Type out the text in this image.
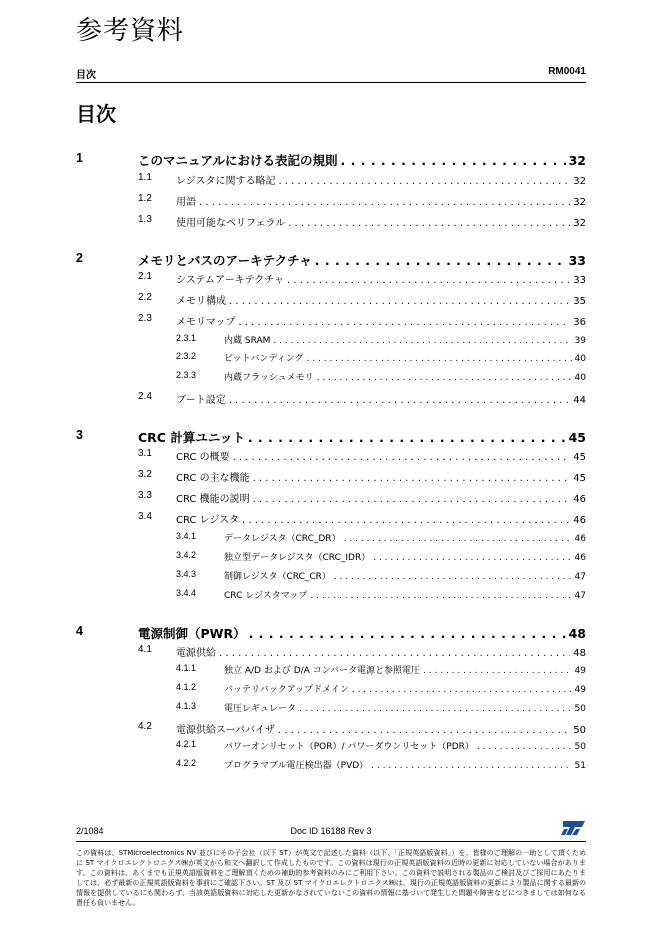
参考資料
目次	RM0041
目次
1	このマニュアルにおける表記の規則 . . .	32
1.1 レジスタに関する略記 . . .	32
1.2 用語 . . .	32
1.3 使用可能なペリフェラル . . .	32
2	メモリとバスのアーキテクチャ . . .	33
2.1 システムアーキテクチャ . . .	33
2.2 メモリ構成 . . .	35
2.3 メモリマップ . . .	36
2.3.1	内蔵 SRAM . . .	39
2.3.2	ビットバンディング . . .	40
2.3.3	内蔵フラッシュメモリ . . .	40
2.4 ブート設定 . . .	44
3	CRC 計算ユニット . . .	45
3.1 CRC の概要 . . .	45
3.2 CRC の主な機能 . . .	45
3.3 CRC 機能の説明 . . .	46
3.4 CRC レジスタ . . .	46
3.4.1	データレジスタ（CRC_DR） . . .	46
3.4.2	独立型データレジスタ（CRC_IDR） . . .	46
3.4.3	制御レジスタ（CRC_CR） . . .	47
3.4.4	CRC レジスタマップ . . .	47
4	電源制御（PWR） . . .	48
4.1 電源供給 . . .	48
4.1.1	独立 A/D および D/A コンバータ電源と参照電圧 . . .	49
4.1.2	バッテリバックアップドメイン . . .	49
4.1.3	電圧レギュレータ . . .	50
4.2 電源供給スーパバイザ . . .	50
4.2.1	パワーオンリセット（POR）/ パワーダウンリセット（PDR） . . .	50
4.2.2	プログラマブル電圧検出器（PVD） . . .	51
2/1084	Doc ID 16188 Rev 3
この資料は、STMicroelectronics NV 並びにその子会社（以下 ST）が英文で記述した資料（以下、「正規英語版資料」）を、皆様のご理解の一助として頂くために ST マイクロエレクトロニクス㈱が英文から和文へ翻訳して作成したものです。この資料は現行の正規英語版資料の近時の更新に対応していない場合があります。この資料は、あくまでも正規英語版資料をご理解頂くための補助的参考資料のみにご利用下さい。この資料で説明される製品のご検討及びご採用にあたりましては、必ず最新の正規英語版資料を事前にご確認下さい。ST 及び ST マイクロエレクトロニクス㈱は、現行の正規英語版資料の更新により製品に関する最新の情報を提供しているにも関わらず、当該英語版資料に対応した更新がなされていないこの資料の情報に基づいて発生した問題や障害などにつきましては如何なる責任も負いません。
